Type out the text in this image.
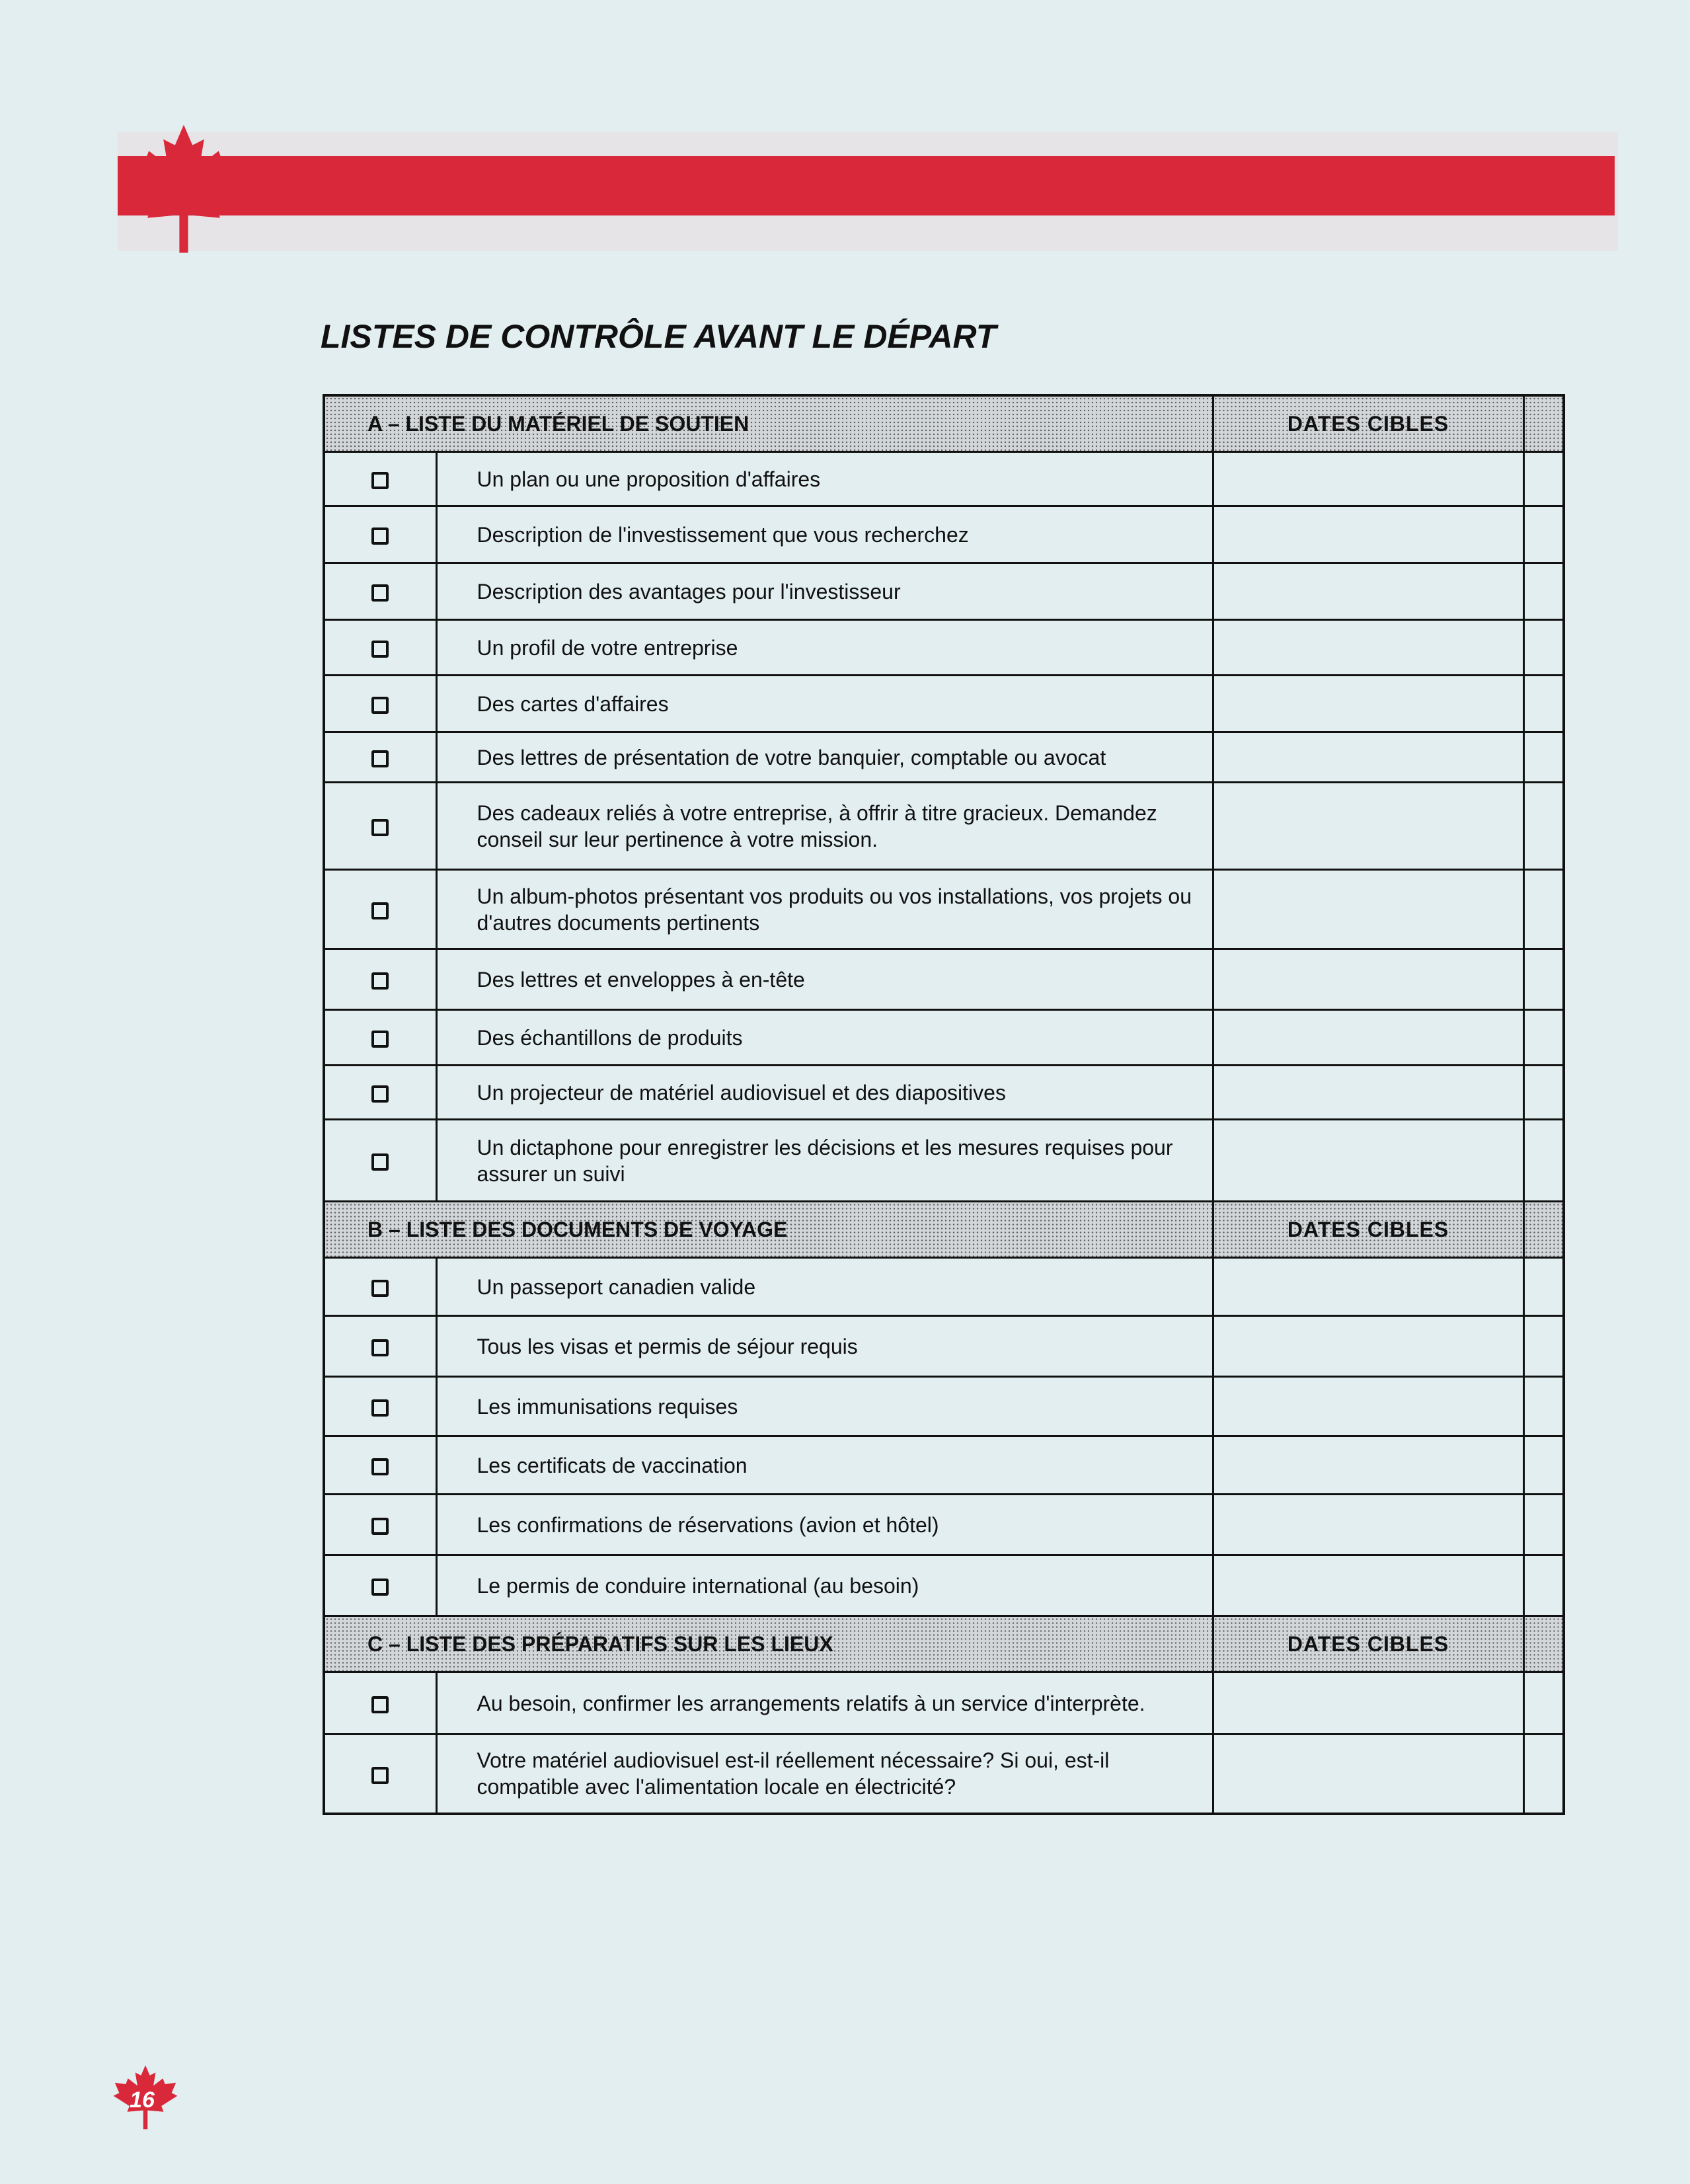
LISTES DE CONTRÔLE AVANT LE DÉPART
A – LISTE DU MATÉRIEL DE SOUTIEN		DATES CIBLES	
	Un plan ou une proposition d'affaires		
	Description de l'investissement que vous recherchez		
	Description des avantages pour l'investisseur		
	Un profil de votre entreprise		
	Des cartes d'affaires		
	Des lettres de présentation de votre banquier, comptable ou avocat		
	Des cadeaux reliés à votre entreprise, à offrir à titre gracieux. Demandez conseil sur leur pertinence à votre mission.		
	Un album-photos présentant vos produits ou vos installations, vos projets ou d'autres documents pertinents		
	Des lettres et enveloppes à en-tête		
	Des échantillons de produits		
	Un projecteur de matériel audiovisuel et des diapositives		
	Un dictaphone pour enregistrer les décisions et les mesures requises pour assurer un suivi		
B – LISTE DES DOCUMENTS DE VOYAGE		DATES CIBLES	
	Un passeport canadien valide		
	Tous les visas et permis de séjour requis		
	Les immunisations requises		
	Les certificats de vaccination		
	Les confirmations de réservations (avion et hôtel)		
	Le permis de conduire international (au besoin)		
C – LISTE DES PRÉPARATIFS SUR LES LIEUX		DATES CIBLES	
	Au besoin, confirmer les arrangements relatifs à un service d'interprète.		
	Votre matériel audiovisuel est-il réellement nécessaire? Si oui, est-il compatible avec l'alimentation locale en électricité?		
16
